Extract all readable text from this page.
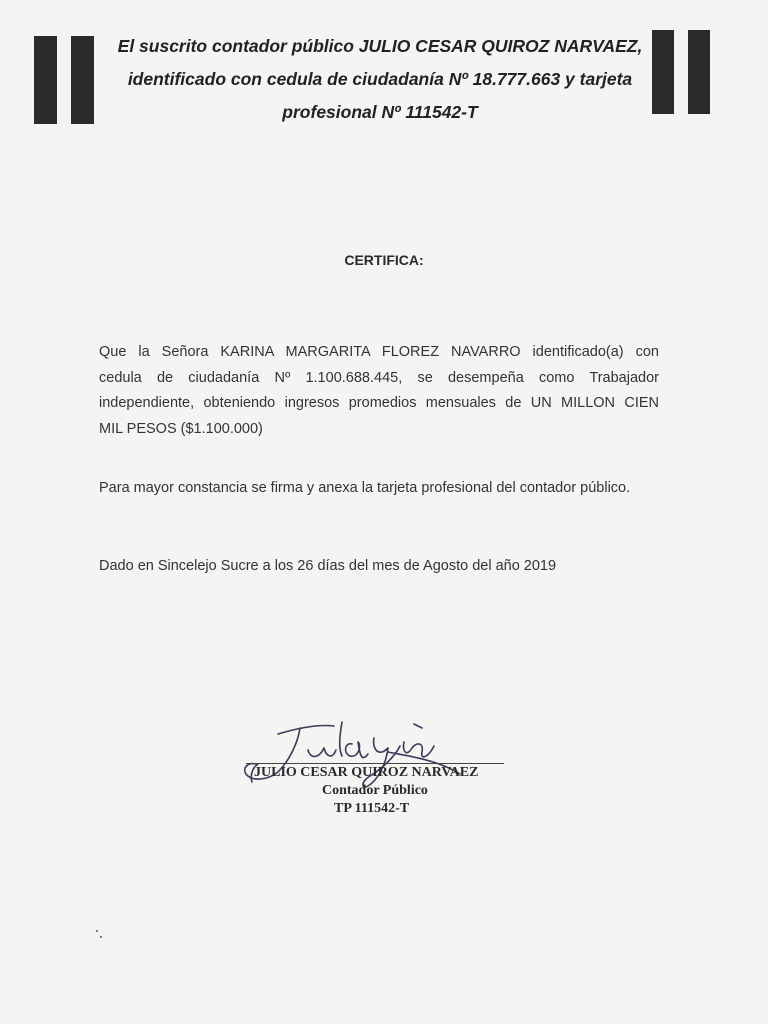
El suscrito contador público JULIO CESAR QUIROZ NARVAEZ,
identificado con cedula de ciudadanía Nº 18.777.663 y tarjeta
profesional Nº 111542-T
CERTIFICA:
Que la Señora KARINA MARGARITA FLOREZ NAVARRO identificado(a) con
cedula de ciudadanía Nº 1.100.688.445, se desempeña como Trabajador
independiente, obteniendo ingresos promedios mensuales de UN MILLON CIEN
MIL PESOS ($1.100.000)
Para mayor constancia se firma y anexa la tarjeta profesional del contador público.
Dado en Sincelejo Sucre a los 26 días del mes de Agosto del año 2019
JULIO CESAR QUIROZ NARVAEZ
Contador Público
TP 111542-T
